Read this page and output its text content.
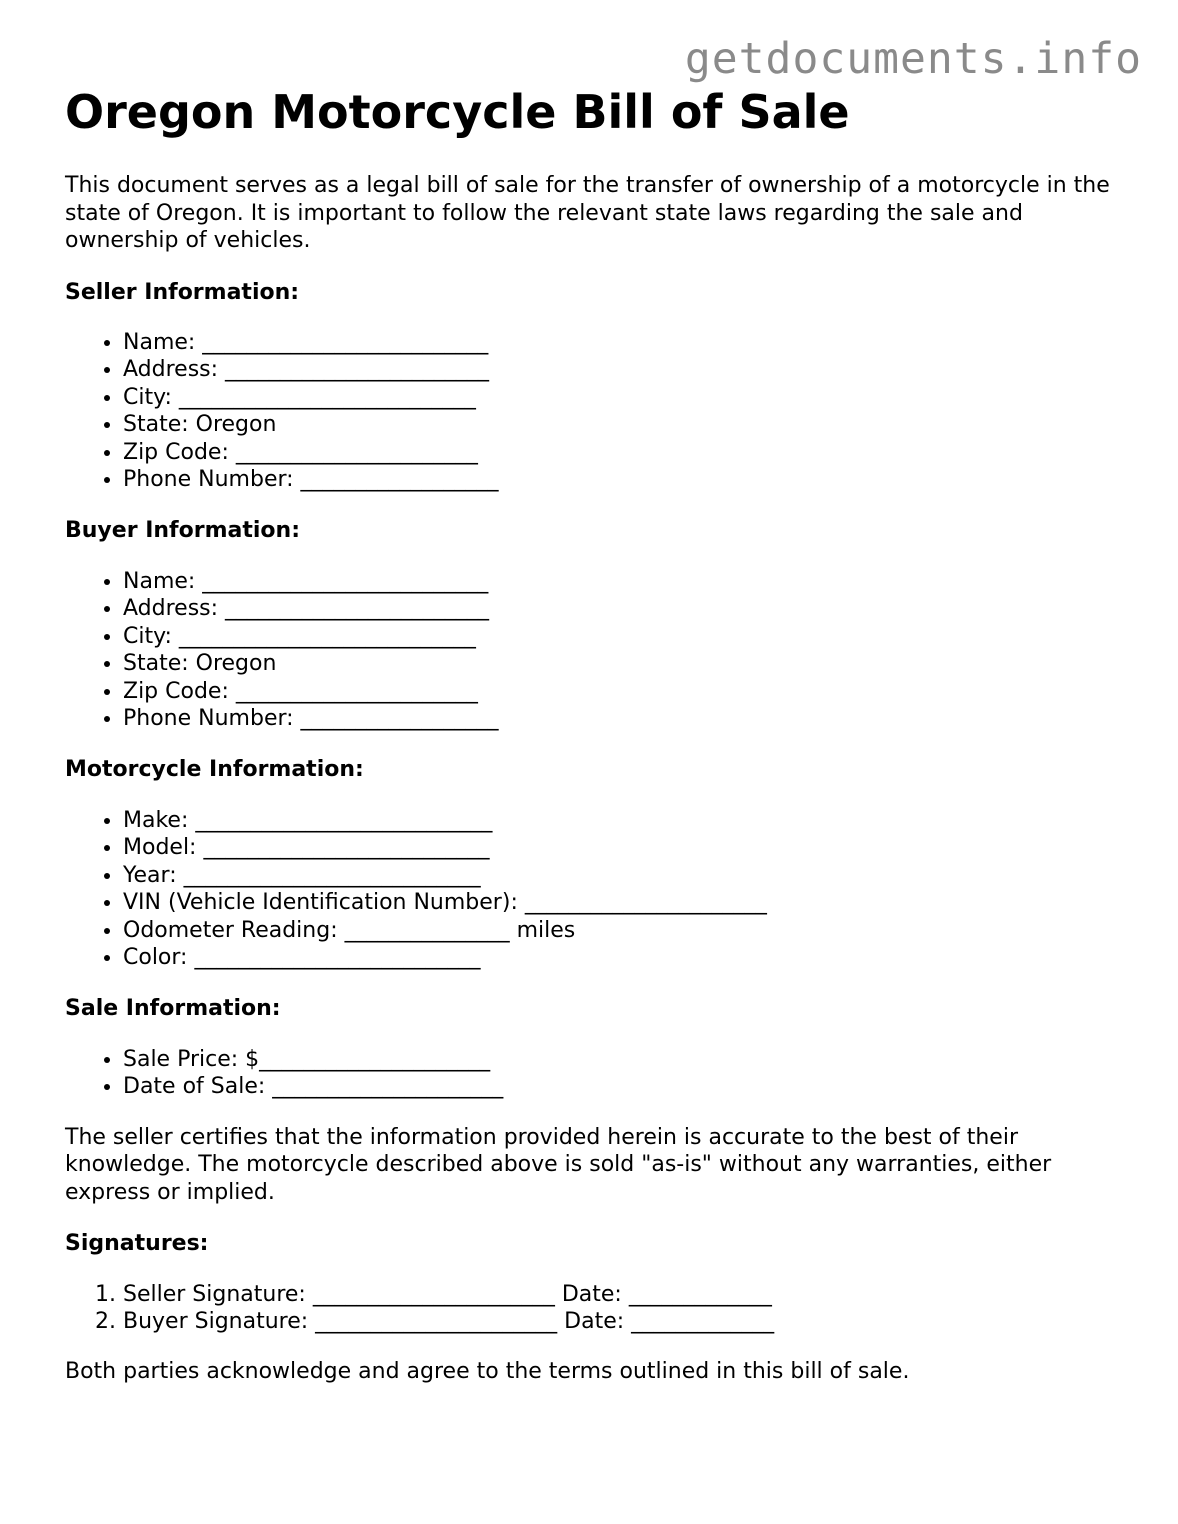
getdocuments.info
Oregon Motorcycle Bill of Sale

This document serves as a legal bill of sale for the transfer of ownership of a motorcycle in the state of Oregon. It is important to follow the relevant state laws regarding the sale and ownership of vehicles.

Seller Information:
• Name: __________________________
• Address: ________________________
• City: ___________________________
• State: Oregon
• Zip Code: ______________________
• Phone Number: __________________
Buyer Information:
• Name: __________________________
• Address: ________________________
• City: ___________________________
• State: Oregon
• Zip Code: ______________________
• Phone Number: __________________
Motorcycle Information:
• Make: ___________________________
• Model: __________________________
• Year: ___________________________
• VIN (Vehicle Identification Number): ______________________
• Odometer Reading: _______________ miles
• Color: __________________________
Sale Information:
• Sale Price: $_____________________
• Date of Sale: _____________________

The seller certifies that the information provided herein is accurate to the best of their knowledge. The motorcycle described above is sold "as-is" without any warranties, either express or implied.

Signatures:
1. Seller Signature: ______________________ Date: _____________
2. Buyer Signature: ______________________ Date: _____________

Both parties acknowledge and agree to the terms outlined in this bill of sale.
